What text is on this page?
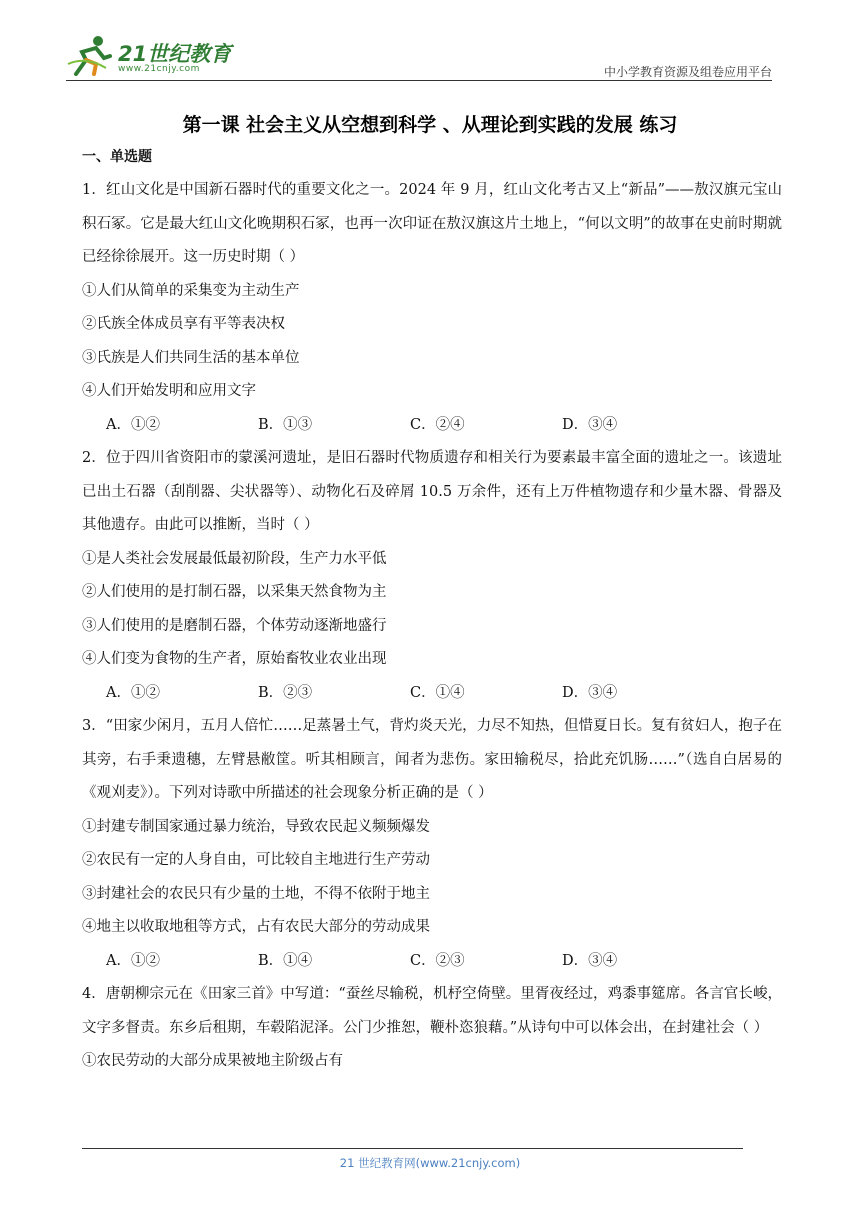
21世纪教育
www.21cnjy.com	中小学教育资源及组卷应用平台
第一课 社会主义从空想到科学 、从理论到实践的发展 练习

一、单选题

1．红山文化是中国新石器时代的重要文化之一。2024 年 9 月，红山文化考古又上“新品”——敖汉旗元宝山积石冢。它是最大红山文化晚期积石冢，也再一次印证在敖汉旗这片土地上，“何以文明”的故事在史前时期就已经徐徐展开。这一历史时期（ ）

①人们从简单的采集变为主动生产

②氏族全体成员享有平等表决权

③氏族是人们共同生活的基本单位

④人们开始发明和应用文字

A．①②	B．①③	C．②④	D．③④

2．位于四川省资阳市的蒙溪河遗址，是旧石器时代物质遗存和相关行为要素最丰富全面的遗址之一。该遗址已出土石器（刮削器、尖状器等）、动物化石及碎屑 10.5 万余件，还有上万件植物遗存和少量木器、骨器及其他遗存。由此可以推断，当时（ ）

①是人类社会发展最低最初阶段，生产力水平低

②人们使用的是打制石器，以采集天然食物为主

③人们使用的是磨制石器，个体劳动逐渐地盛行

④人们变为食物的生产者，原始畜牧业农业出现

A．①②	B．②③	C．①④	D．③④

3．“田家少闲月，五月人倍忙……足蒸暑土气，背灼炎天光，力尽不知热，但惜夏日长。复有贫妇人，抱子在其旁，右手秉遗穗，左臂悬敝筐。听其相顾言，闻者为悲伤。家田输税尽，拾此充饥肠……”（选自白居易的《观刈麦》）。下列对诗歌中所描述的社会现象分析正确的是（ ）

①封建专制国家通过暴力统治，导致农民起义频频爆发

②农民有一定的人身自由，可比较自主地进行生产劳动

③封建社会的农民只有少量的土地，不得不依附于地主

④地主以收取地租等方式，占有农民大部分的劳动成果

A．①②	B．①④	C．②③	D．③④

4．唐朝柳宗元在《田家三首》中写道：“蚕丝尽输税，机杼空倚壁。里胥夜经过，鸡黍事筵席。各言官长峻，文字多督责。东乡后租期，车毂陷泥泽。公门少推恕，鞭朴恣狼藉。”从诗句中可以体会出，在封建社会（ ）

①农民劳动的大部分成果被地主阶级占有

21 世纪教育网(www.21cnjy.com)
